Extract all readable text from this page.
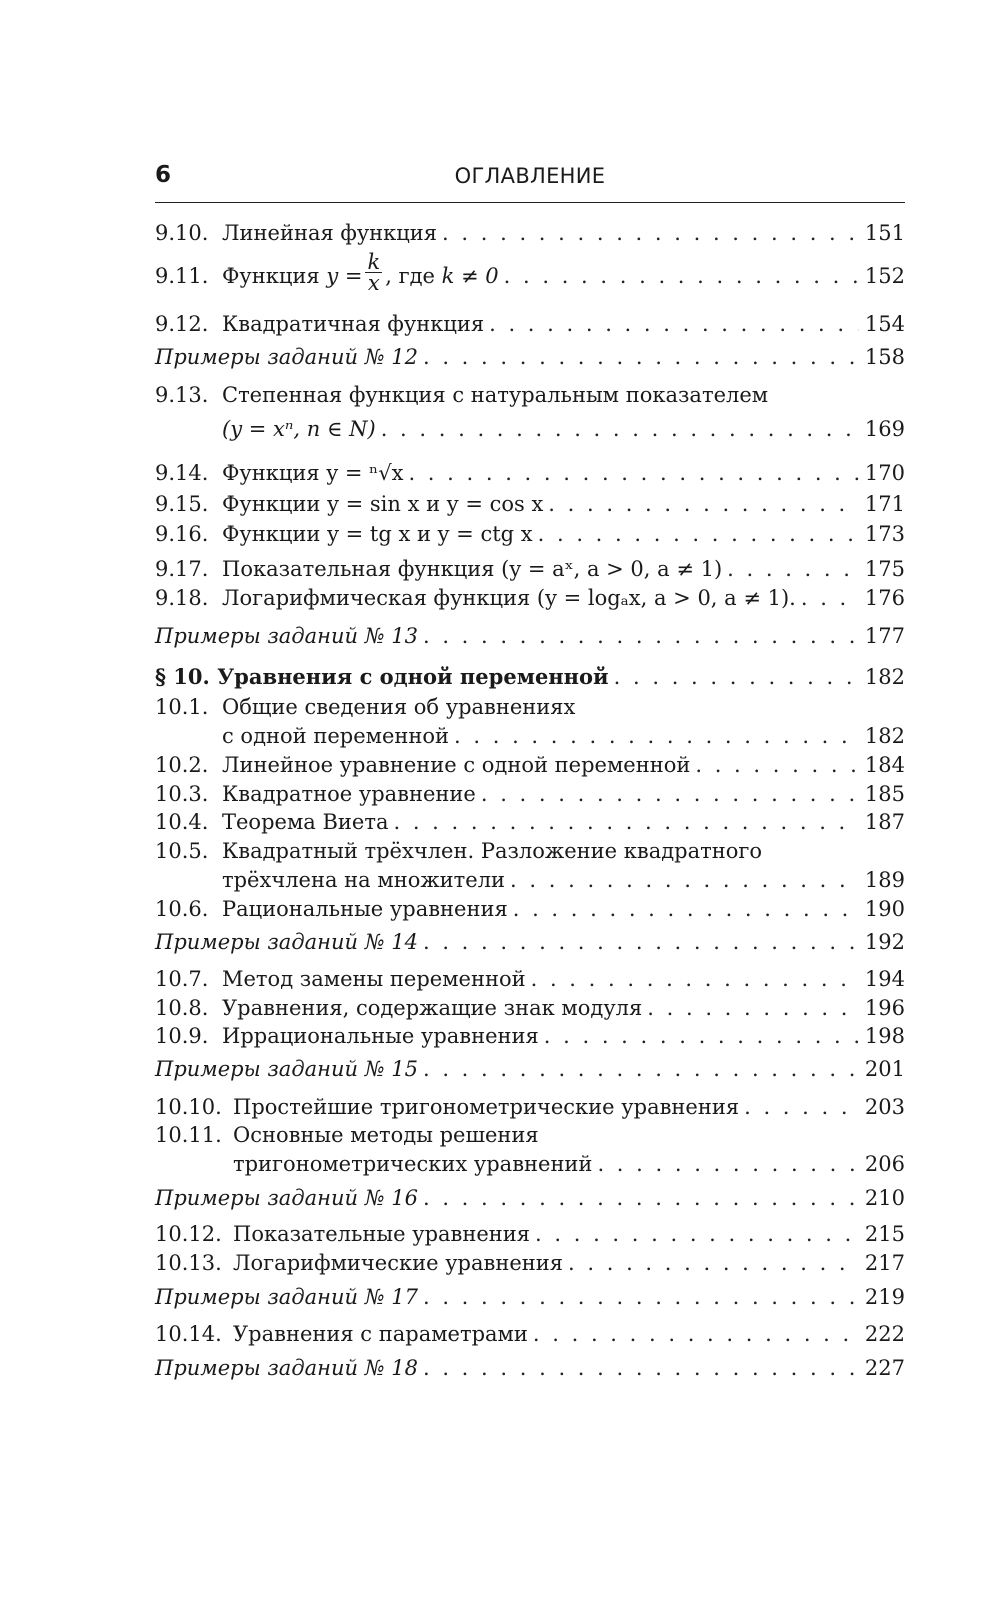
6	ОГЛАВЛЕНИЕ
9.10. Линейная функция . . .	151
9.11. Функция $y = \frac{k}{x}$ , где k ≠ 0 . . .	152
9.12. Квадратичная функция . . .	154
Примеры заданий № 12 . . .	158
9.13. Степенная функция с натуральным показателем
(y = xⁿ, n ∈ N) . . .	169
9.14. Функция y = ⁿ√x . . .	170
9.15. Функции y = sin x и y = cos x . . .	171
9.16. Функции y = tg x и y = ctg x . . .	173
9.17. Показательная функция (y = aˣ, a > 0, a ≠ 1) . . .	175
9.18. Логарифмическая функция (y = logₐx, a > 0, a ≠ 1). . . .	176
Примеры заданий № 13 . . .	177
§ 10. Уравнения с одной переменной . . .	182
10.1. Общие сведения об уравнениях
с одной переменной . . .	182
10.2. Линейное уравнение с одной переменной . . .	184
10.3. Квадратное уравнение . . .	185
10.4. Теорема Виета . . .	187
10.5. Квадратный трёхчлен. Разложение квадратного
трёхчлена на множители . . .	189
10.6. Рациональные уравнения . . .	190
Примеры заданий № 14 . . .	192
10.7. Метод замены переменной . . .	194
10.8. Уравнения, содержащие знак модуля . . .	196
10.9. Иррациональные уравнения . . .	198
Примеры заданий № 15 . . .	201
10.10. Простейшие тригонометрические уравнения . . .	203
10.11. Основные методы решения
тригонометрических уравнений . . .	206
Примеры заданий № 16 . . .	210
10.12. Показательные уравнения . . .	215
10.13. Логарифмические уравнения . . .	217
Примеры заданий № 17 . . .	219
10.14. Уравнения с параметрами . . .	222
Примеры заданий № 18 . . .	227
